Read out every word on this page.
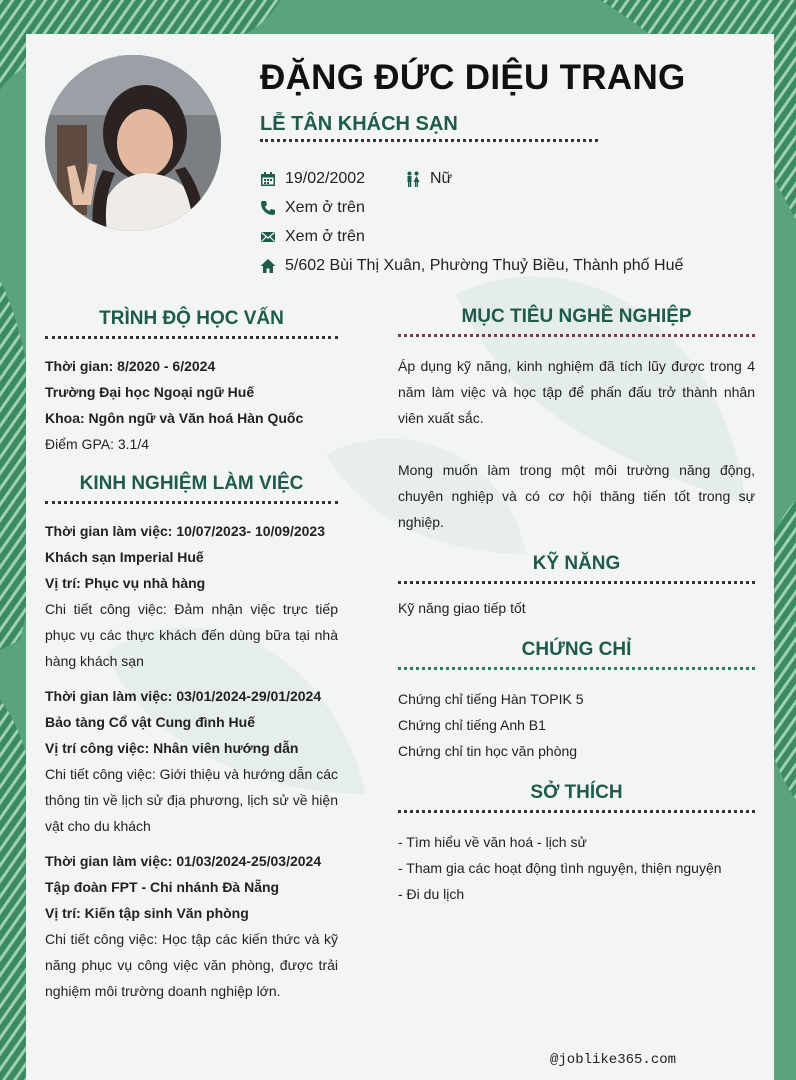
ĐẶNG ĐỨC DIỆU TRANG
LỄ TÂN KHÁCH SẠN
19/02/2002	Nữ
Xem ở trên
Xem ở trên
5/602 Bùi Thị Xuân, Phường Thuỷ Biều, Thành phố Huế
TRÌNH ĐỘ HỌC VẤN
Thời gian: 8/2020 - 6/2024
Trường Đại học Ngoại ngữ Huế
Khoa: Ngôn ngữ và Văn hoá Hàn Quốc
Điểm GPA: 3.1/4
KINH NGHIỆM LÀM VIỆC
Thời gian làm việc: 10/07/2023- 10/09/2023
Khách sạn Imperial Huế
Vị trí: Phục vụ nhà hàng
Chi tiết công việc: Đảm nhận việc trực tiếp phục vụ các thực khách đến dùng bữa tại nhà hàng khách sạn
Thời gian làm việc: 03/01/2024-29/01/2024
Bảo tàng Cổ vật Cung đình Huế
Vị trí công việc: Nhân viên hướng dẫn
Chi tiết công việc: Giới thiệu và hướng dẫn các thông tin về lịch sử địa phương, lịch sử về hiện vật cho du khách
Thời gian làm việc: 01/03/2024-25/03/2024
Tập đoàn FPT - Chi nhánh Đà Nẵng
Vị trí: Kiến tập sinh Văn phòng
Chi tiết công việc: Học tập các kiến thức và kỹ năng phục vụ công việc văn phòng, được trải nghiệm môi trường doanh nghiệp lớn.
MỤC TIÊU NGHỀ NGHIỆP
Áp dụng kỹ năng, kinh nghiệm đã tích lũy được trong 4 năm làm việc và học tập để phấn đấu trở thành nhân viên xuất sắc.
Mong muốn làm trong một môi trường năng động, chuyên nghiệp và có cơ hội thăng tiến tốt trong sự nghiệp.
KỸ NĂNG
Kỹ năng giao tiếp tốt
CHỨNG CHỈ
Chứng chỉ tiếng Hàn TOPIK 5
Chứng chỉ tiếng Anh B1
Chứng chỉ tin học văn phòng
SỞ THÍCH
- Tìm hiểu về văn hoá - lịch sử
- Tham gia các hoạt động tình nguyện, thiện nguyện
- Đi du lịch
@joblike365.com
